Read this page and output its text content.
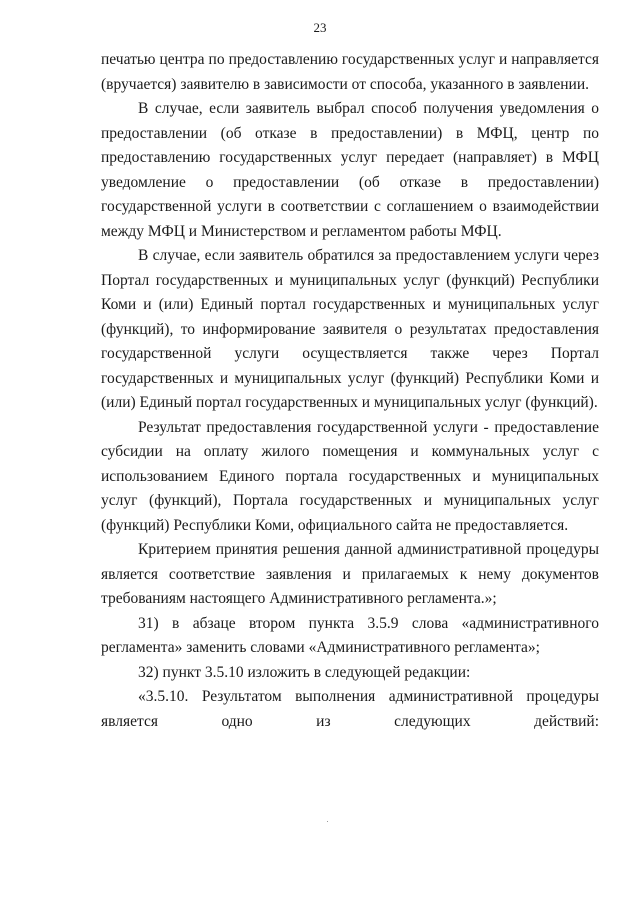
23

печатью центра по предоставлению государственных услуг и направляется (вручается) заявителю в зависимости от способа, указанного в заявлении.

В случае, если заявитель выбрал способ получения уведомления о предоставлении (об отказе в предоставлении) в МФЦ, центр по предоставлению государственных услуг передает (направляет) в МФЦ уведомление о предоставлении (об отказе в предоставлении) государственной услуги в соответствии с соглашением о взаимодействии между МФЦ и Министерством и регламентом работы МФЦ.

В случае, если заявитель обратился за предоставлением услуги через Портал государственных и муниципальных услуг (функций) Республики Коми и (или) Единый портал государственных и муниципальных услуг (функций), то информирование заявителя о результатах предоставления государственной услуги осуществляется также через Портал государственных и муниципальных услуг (функций) Республики Коми и (или) Единый портал государственных и муниципальных услуг (функций).

Результат предоставления государственной услуги - предоставление субсидии на оплату жилого помещения и коммунальных услуг с использованием Единого портала государственных и муниципальных услуг (функций), Портала государственных и муниципальных услуг (функций) Республики Коми, официального сайта не предоставляется.

Критерием принятия решения данной административной процедуры является соответствие заявления и прилагаемых к нему документов требованиям настоящего Административного регламента.»;

31) в абзаце втором пункта 3.5.9 слова «административного регламента» заменить словами «Административного регламента»;

32) пункт 3.5.10 изложить в следующей редакции:

«3.5.10. Результатом выполнения административной процедуры является одно из следующих действий:
